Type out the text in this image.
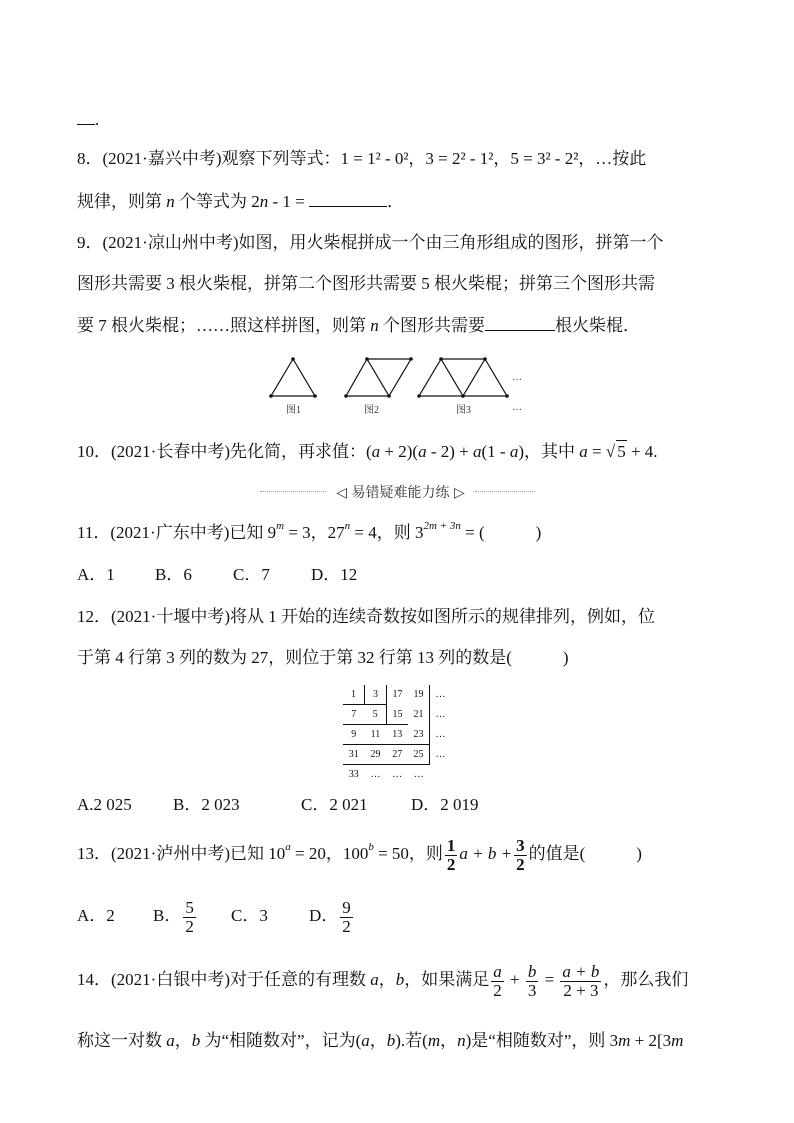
.
8．(2021·嘉兴中考)观察下列等式：1 = 1² - 0²，3 = 2² - 1²，5 = 3² - 2²，…按此
规律，则第 n 个等式为 2n - 1 =	．
9．(2021·凉山州中考)如图，用火柴棍拼成一个由三角形组成的图形，拼第一个
图形共需要 3 根火柴棍，拼第二个图形共需要 5 根火柴棍；拼第三个图形共需
要 7 根火柴棍；……照这样拼图，则第 n 个图形共需要	根火柴棍．
…
…
图1	图2	图3
10．(2021·长春中考)先化简，再求值：(a + 2)(a - 2) + a(1 - a)，其中 a = √ 5 + 4.
◁ 易错疑难能力练 ▷
11．(2021·广东中考)已知 $9^m = 3$，$27^n = 4$，则 $3^{2m + 3n}$ = (　　　)
A．1 B．6 C．7 D．12
12．(2021·十堰中考)将从 1 开始的连续奇数按如图所示的规律排列，例如，位
于第 4 行第 3 列的数为 27，则位于第 32 行第 13 列的数是(　　　)
1	3	17	19	…
7	5	15	21	…
9	11	13	23	…
31	29	27	25	…
33	…	…	…	
A.2 025 B．2 023	C．2 021	D．2 019
13．(2021·泸州中考)已知 $10^a = 20$，$100^b = 50$，则 $\frac{1}{2}$ $a + b + \frac{3}{2}$ 的值是(　　　)
A．2 B． $\frac{5}{2}$ C．3 D． $\frac{9}{2}$
14．(2021·白银中考)对于任意的有理数 a，b，如果满足 $\frac{a}{2} + \frac{b}{3} = \frac{a + b}{2 + 3}$ ，那么我们
称这一对数 a，b 为“相随数对”，记为(a，b).若(m，n)是“相随数对”，则 3m + 2[3m
